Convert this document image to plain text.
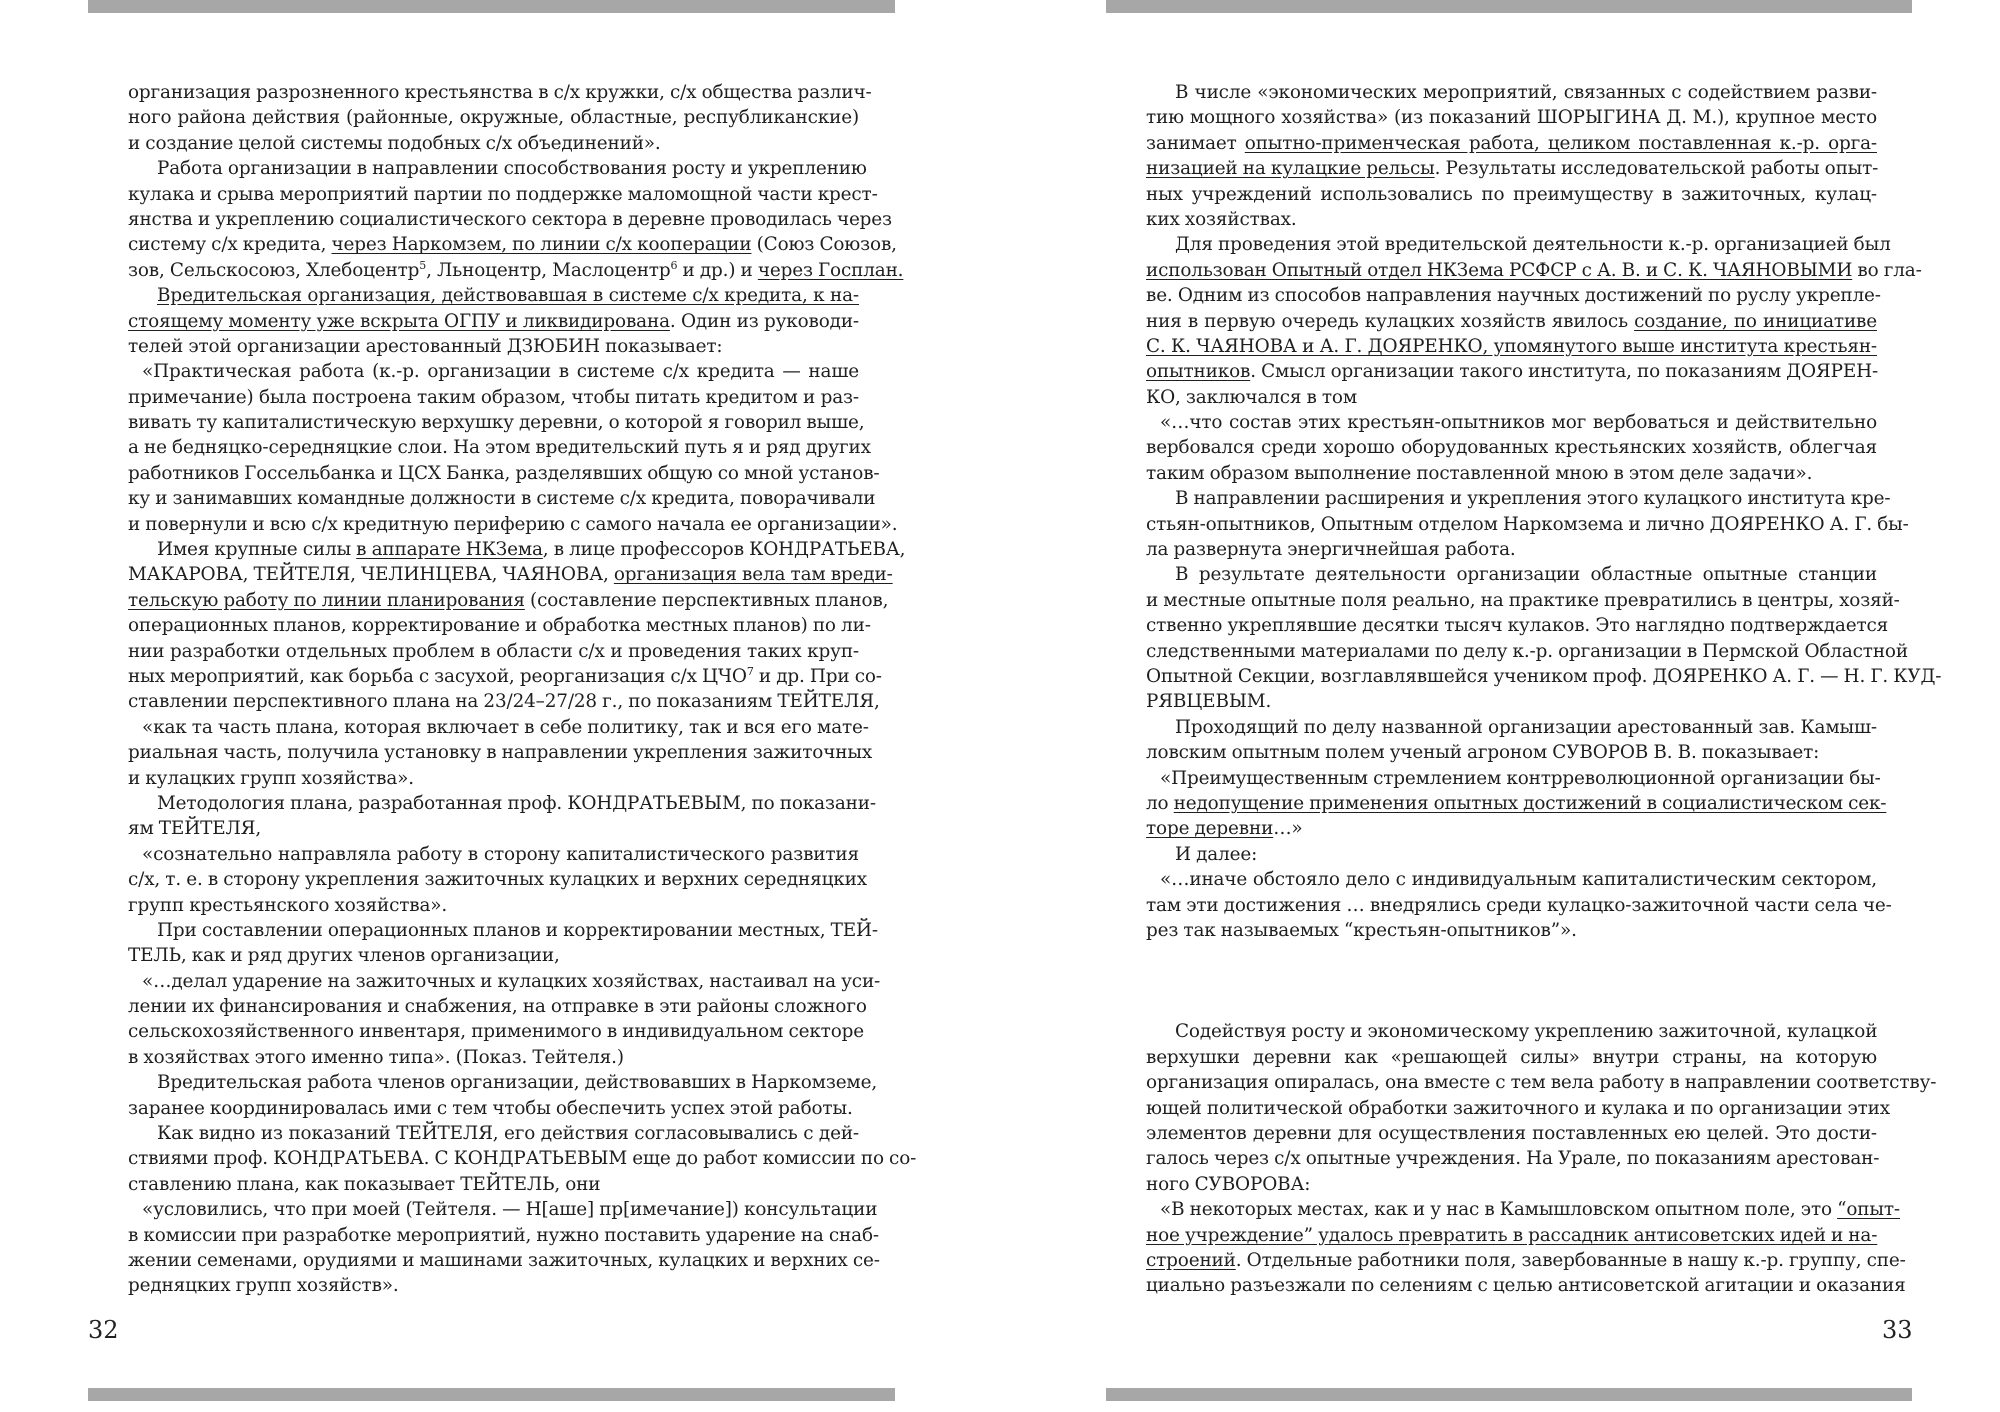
организация разрозненного крестьянства в с/х кружки, с/х общества различ-

ного района действия (районные, окружные, областные, республиканские)

и создание целой системы подобных с/х объединений».

Работа организации в направлении способствования росту и укреплению

кулака и срыва мероприятий партии по поддержке маломощной части крест-

янства и укреплению социалистического сектора в деревне проводилась через

систему с/х кредита, через Наркомзем, по линии с/х кооперации (Союз Союзов,

зов, Сельскосоюз, Хлебоцентр$^5$, Льноцентр, Маслоцентр$^6$ и др.) и через Госплан.

Вредительская организация, действовавшая в системе с/х кредита, к на-

стоящему моменту уже вскрыта ОГПУ и ликвидирована. Один из руководи-

телей этой организации арестованный ДЗЮБИН показывает:

«Практическая работа (к.-р. организации в системе с/х кредита — наше

примечание) была построена таким образом, чтобы питать кредитом и раз-

вивать ту капиталистическую верхушку деревни, о которой я говорил выше,

а не бедняцко-середняцкие слои. На этом вредительский путь я и ряд других

работников Госсельбанка и ЦСХ Банка, разделявших общую со мной установ-

ку и занимавших командные должности в системе с/х кредита, поворачивали

и повернули и всю с/х кредитную периферию с самого начала ее организации».

Имея крупные силы в аппарате НКЗема, в лице профессоров КОНДРАТЬЕВА,

МАКАРОВА, ТЕЙТЕЛЯ, ЧЕЛИНЦЕВА, ЧАЯНОВА, организация вела там вреди-

тельскую работу по линии планирования (составление перспективных планов,

операционных планов, корректирование и обработка местных планов) по ли-

нии разработки отдельных проблем в области с/х и проведения таких круп-

ных мероприятий, как борьба с засухой, реорганизация с/х ЦЧО$^7$ и др. При со-

ставлении перспективного плана на 23/24–27/28 г., по показаниям ТЕЙТЕЛЯ,

«как та часть плана, которая включает в себе политику, так и вся его мате-

риальная часть, получила установку в направлении укрепления зажиточных

и кулацких групп хозяйства».

Методология плана, разработанная проф. КОНДРАТЬЕВЫМ, по показани-

ям ТЕЙТЕЛЯ,

«сознательно направляла работу в сторону капиталистического развития

с/х, т. е. в сторону укрепления зажиточных кулацких и верхних середняцких

групп крестьянского хозяйства».

При составлении операционных планов и корректировании местных, ТЕЙ-

ТЕЛЬ, как и ряд других членов организации,

«…делал ударение на зажиточных и кулацких хозяйствах, настаивал на уси-

лении их финансирования и снабжения, на отправке в эти районы сложного

сельскохозяйственного инвентаря, применимого в индивидуальном секторе

в хозяйствах этого именно типа». (Показ. Тейтеля.)

Вредительская работа членов организации, действовавших в Наркомземе,

заранее координировалась ими с тем чтобы обеспечить успех этой работы.

Как видно из показаний ТЕЙТЕЛЯ, его действия согласовывались с дей-

ствиями проф. КОНДРАТЬЕВА. С КОНДРАТЬЕВЫМ еще до работ комиссии по со-

ставлению плана, как показывает ТЕЙТЕЛЬ, они

«условились, что при моей (Тейтеля. — Н[аше] пр[имечание]) консультации

в комиссии при разработке мероприятий, нужно поставить ударение на снаб-

жении семенами, орудиями и машинами зажиточных, кулацких и верхних се-

редняцких групп хозяйств».

32

В числе «экономических мероприятий, связанных с содействием разви-

тию мощного хозяйства» (из показаний ШОРЫГИНА Д. М.), крупное место

занимает опытно-применческая работа, целиком поставленная к.-р. орга-

низацией на кулацкие рельсы. Результаты исследовательской работы опыт-

ных учреждений использовались по преимуществу в зажиточных, кулац-

ких хозяйствах.

Для проведения этой вредительской деятельности к.-р. организацией был

использован Опытный отдел НКЗема РСФСР с А. В. и С. К. ЧАЯНОВЫМИ во гла-

ве. Одним из способов направления научных достижений по руслу укрепле-

ния в первую очередь кулацких хозяйств явилось создание, по инициативе

С. К. ЧАЯНОВА и А. Г. ДОЯРЕНКО, упомянутого выше института крестьян-

опытников. Смысл организации такого института, по показаниям ДОЯРЕН-

КО, заключался в том

«…что состав этих крестьян-опытников мог вербоваться и действительно

вербовался среди хорошо оборудованных крестьянских хозяйств, облегчая

таким образом выполнение поставленной мною в этом деле задачи».

В направлении расширения и укрепления этого кулацкого института кре-

стьян-опытников, Опытным отделом Наркомзема и лично ДОЯРЕНКО А. Г. бы-

ла развернута энергичнейшая работа.

В результате деятельности организации областные опытные станции

и местные опытные поля реально, на практике превратились в центры, хозяй-

ственно укреплявшие десятки тысяч кулаков. Это наглядно подтверждается

следственными материалами по делу к.-р. организации в Пермской Областной

Опытной Секции, возглавлявшейся учеником проф. ДОЯРЕНКО А. Г. — Н. Г. КУД-

РЯВЦЕВЫМ.

Проходящий по делу названной организации арестованный зав. Камыш-

ловским опытным полем ученый агроном СУВОРОВ В. В. показывает:

«Преимущественным стремлением контрреволюционной организации бы-

ло недопущение применения опытных достижений в социалистическом сек-

торе деревни…»

И далее:

«…иначе обстояло дело с индивидуальным капиталистическим сектором,

там эти достижения … внедрялись среди кулацко-зажиточной части села че-

рез так называемых “крестьян-опытников”».

Содействуя росту и экономическому укреплению зажиточной, кулацкой

верхушки деревни как «решающей силы» внутри страны, на которую

организация опиралась, она вместе с тем вела работу в направлении соответству-

ющей политической обработки зажиточного и кулака и по организации этих

элементов деревни для осуществления поставленных ею целей. Это дости-

галось через с/х опытные учреждения. На Урале, по показаниям арестован-

ного СУВОРОВА:

«В некоторых местах, как и у нас в Камышловском опытном поле, это “опыт-

ное учреждение” удалось превратить в рассадник антисоветских идей и на-

строений. Отдельные работники поля, завербованные в нашу к.-р. группу, спе-

циально разъезжали по селениям с целью антисоветской агитации и оказания

33
